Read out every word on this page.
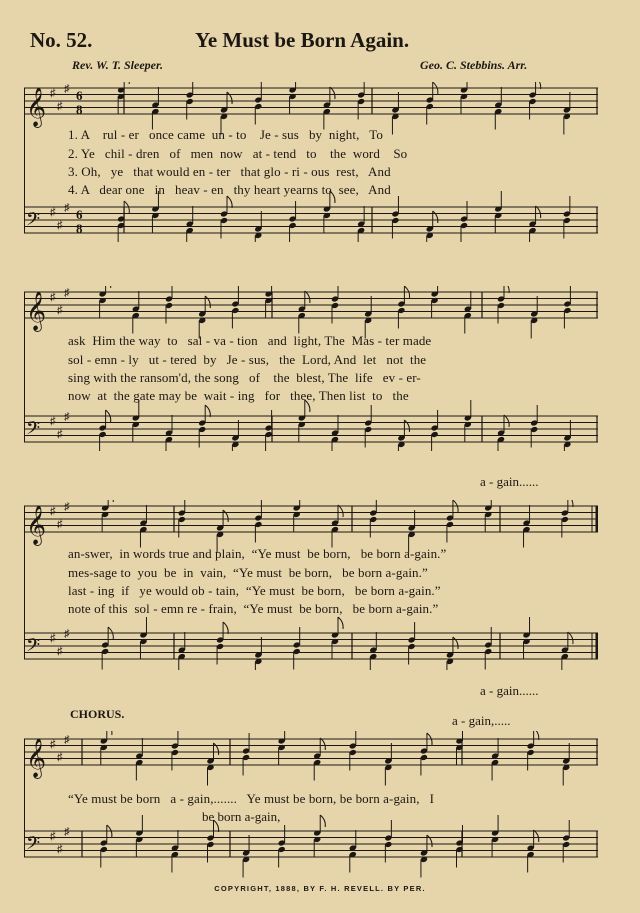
No. 52.	Ye Must be Born Again.
Rev. W. T. Sleeper.	Geo. C. Stebbins. Arr.
𝄞 ♯
♯
♯ 6
8
𝄢 ♯
♯
♯ 6
8
1. A    rul - er   once came  un - to    Je - sus   by  night,   To
2. Ye   chil - dren   of   men  now   at - tend   to    the  word    So
3. Oh,   ye   that would en - ter   that glo - ri - ous  rest,   And
4. A   dear one   in   heav - en   thy heart yearns to  see,   And
𝄞 ♯
♯
♯
𝄢 ♯
♯
♯
ask  Him the way  to   sal - va - tion   and  light, The  Mas - ter made
sol - emn - ly   ut - tered  by   Je - sus,   the  Lord, And  let   not  the
sing with the ransom'd, the song   of    the  blest, The  life   ev - er-
now  at  the gate may be  wait - ing   for   thee, Then list  to   the
a - gain......
𝄞 ♯
♯
♯
𝄢 ♯
♯
♯
an-swer,  in words true and plain,  “Ye must  be born,   be born a-gain.”
mes-sage to  you  be  in  vain,  “Ye must  be born,   be born a-gain.”
last - ing  if   ye would ob - tain,  “Ye must  be born,   be born a-gain.”
note of this  sol - emn re - frain,  “Ye must  be born,   be born a-gain.”
a - gain......
CHORUS.	a - gain,.....
𝄞 ♯
♯
♯
𝄢 ♯
♯
♯
“Ye must be born   a - gain,.......   Ye must be born, be born a-gain,   I
be born a-gain,
COPYRIGHT, 1888, BY F. H. REVELL. BY PER.
